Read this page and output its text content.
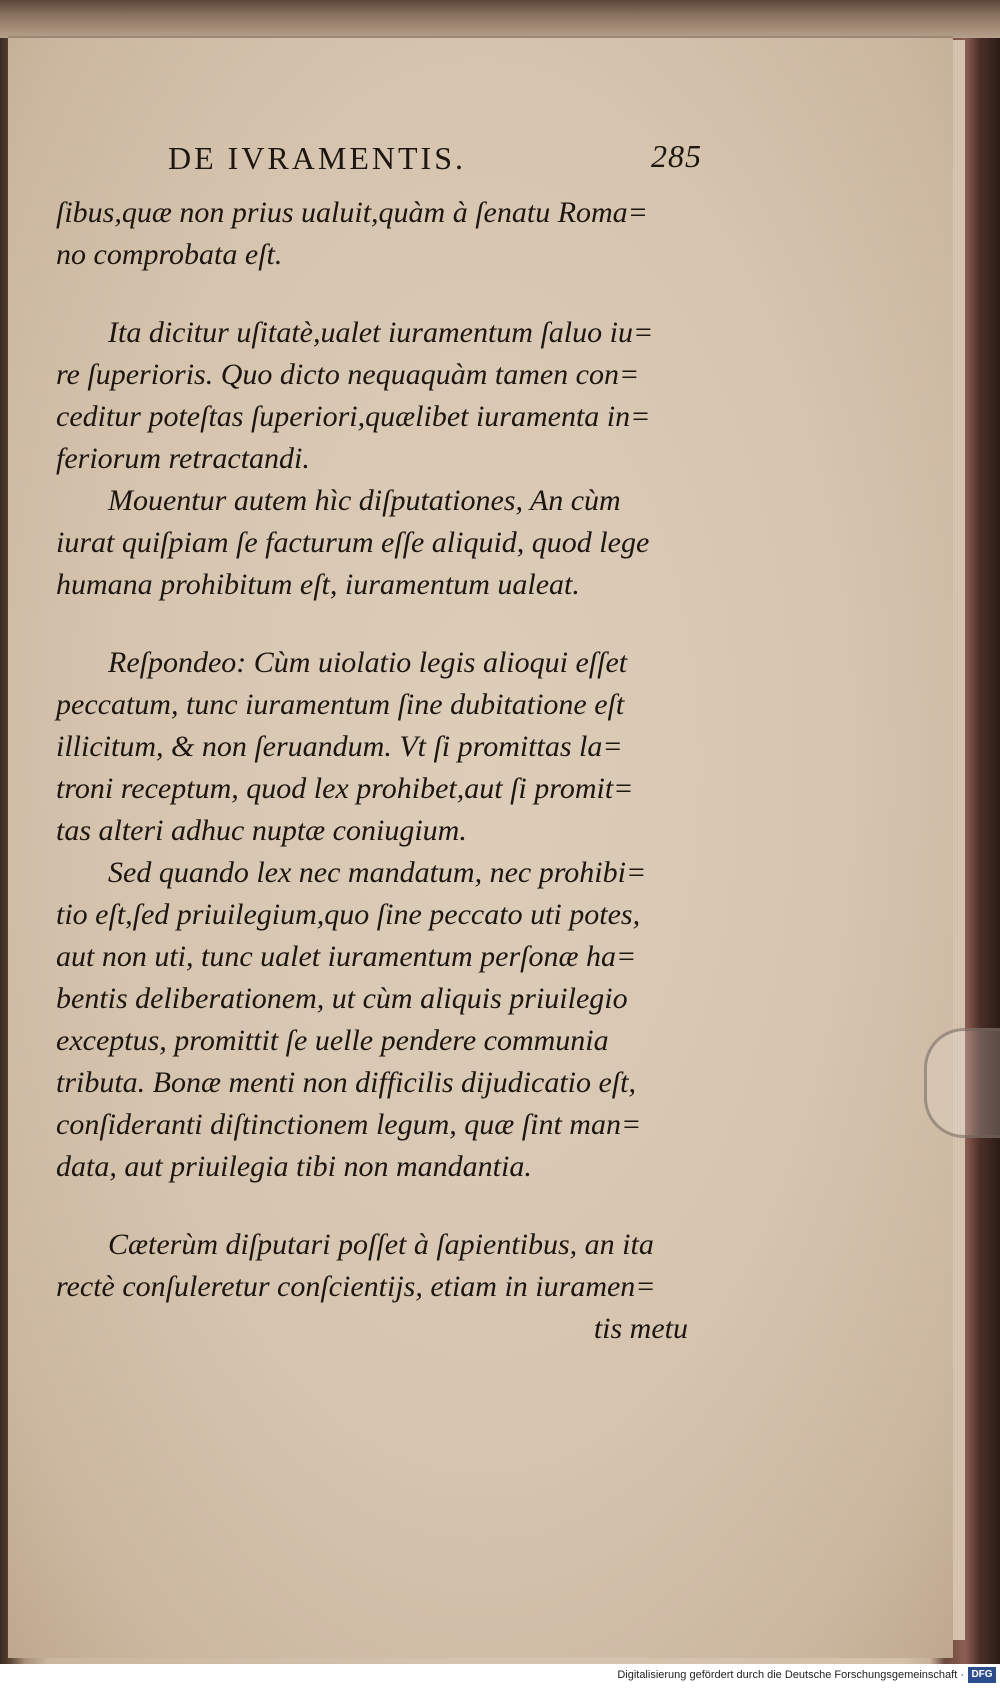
DE IVRAMENTIS.	285
ſibus,quæ non prius ualuit,quàm à ſenatu Roma=
no comprobata eſt.
Ita dicitur uſitatè,ualet iuramentum ſaluo iu=
re ſuperioris. Quo dicto nequaquàm tamen con=
ceditur poteſtas ſuperiori,quælibet iuramenta in=
feriorum retractandi.
Mouentur autem hìc diſputationes, An cùm
iurat quiſpiam ſe facturum eſſe aliquid, quod lege
humana prohibitum eſt, iuramentum ualeat.
Reſpondeo: Cùm uiolatio legis alioqui eſſet
peccatum, tunc iuramentum ſine dubitatione eſt
illicitum, & non ſeruandum. Vt ſi promittas la=
troni receptum, quod lex prohibet,aut ſi promit=
tas alteri adhuc nuptæ coniugium.
Sed quando lex nec mandatum, nec prohibi=
tio eſt,ſed priuilegium,quo ſine peccato uti potes,
aut non uti, tunc ualet iuramentum perſonæ ha=
bentis deliberationem, ut cùm aliquis priuilegio
exceptus, promittit ſe uelle pendere communia
tributa. Bonæ menti non difficilis dijudicatio eſt,
conſideranti diſtinctionem legum, quæ ſint man=
data, aut priuilegia tibi non mandantia.
Cæterùm diſputari poſſet à ſapientibus, an ita
rectè conſuleretur conſcientijs, etiam in iuramen=
tis metu
Digitalisierung gefördert durch die Deutsche Forschungsgemeinschaft · DFG
